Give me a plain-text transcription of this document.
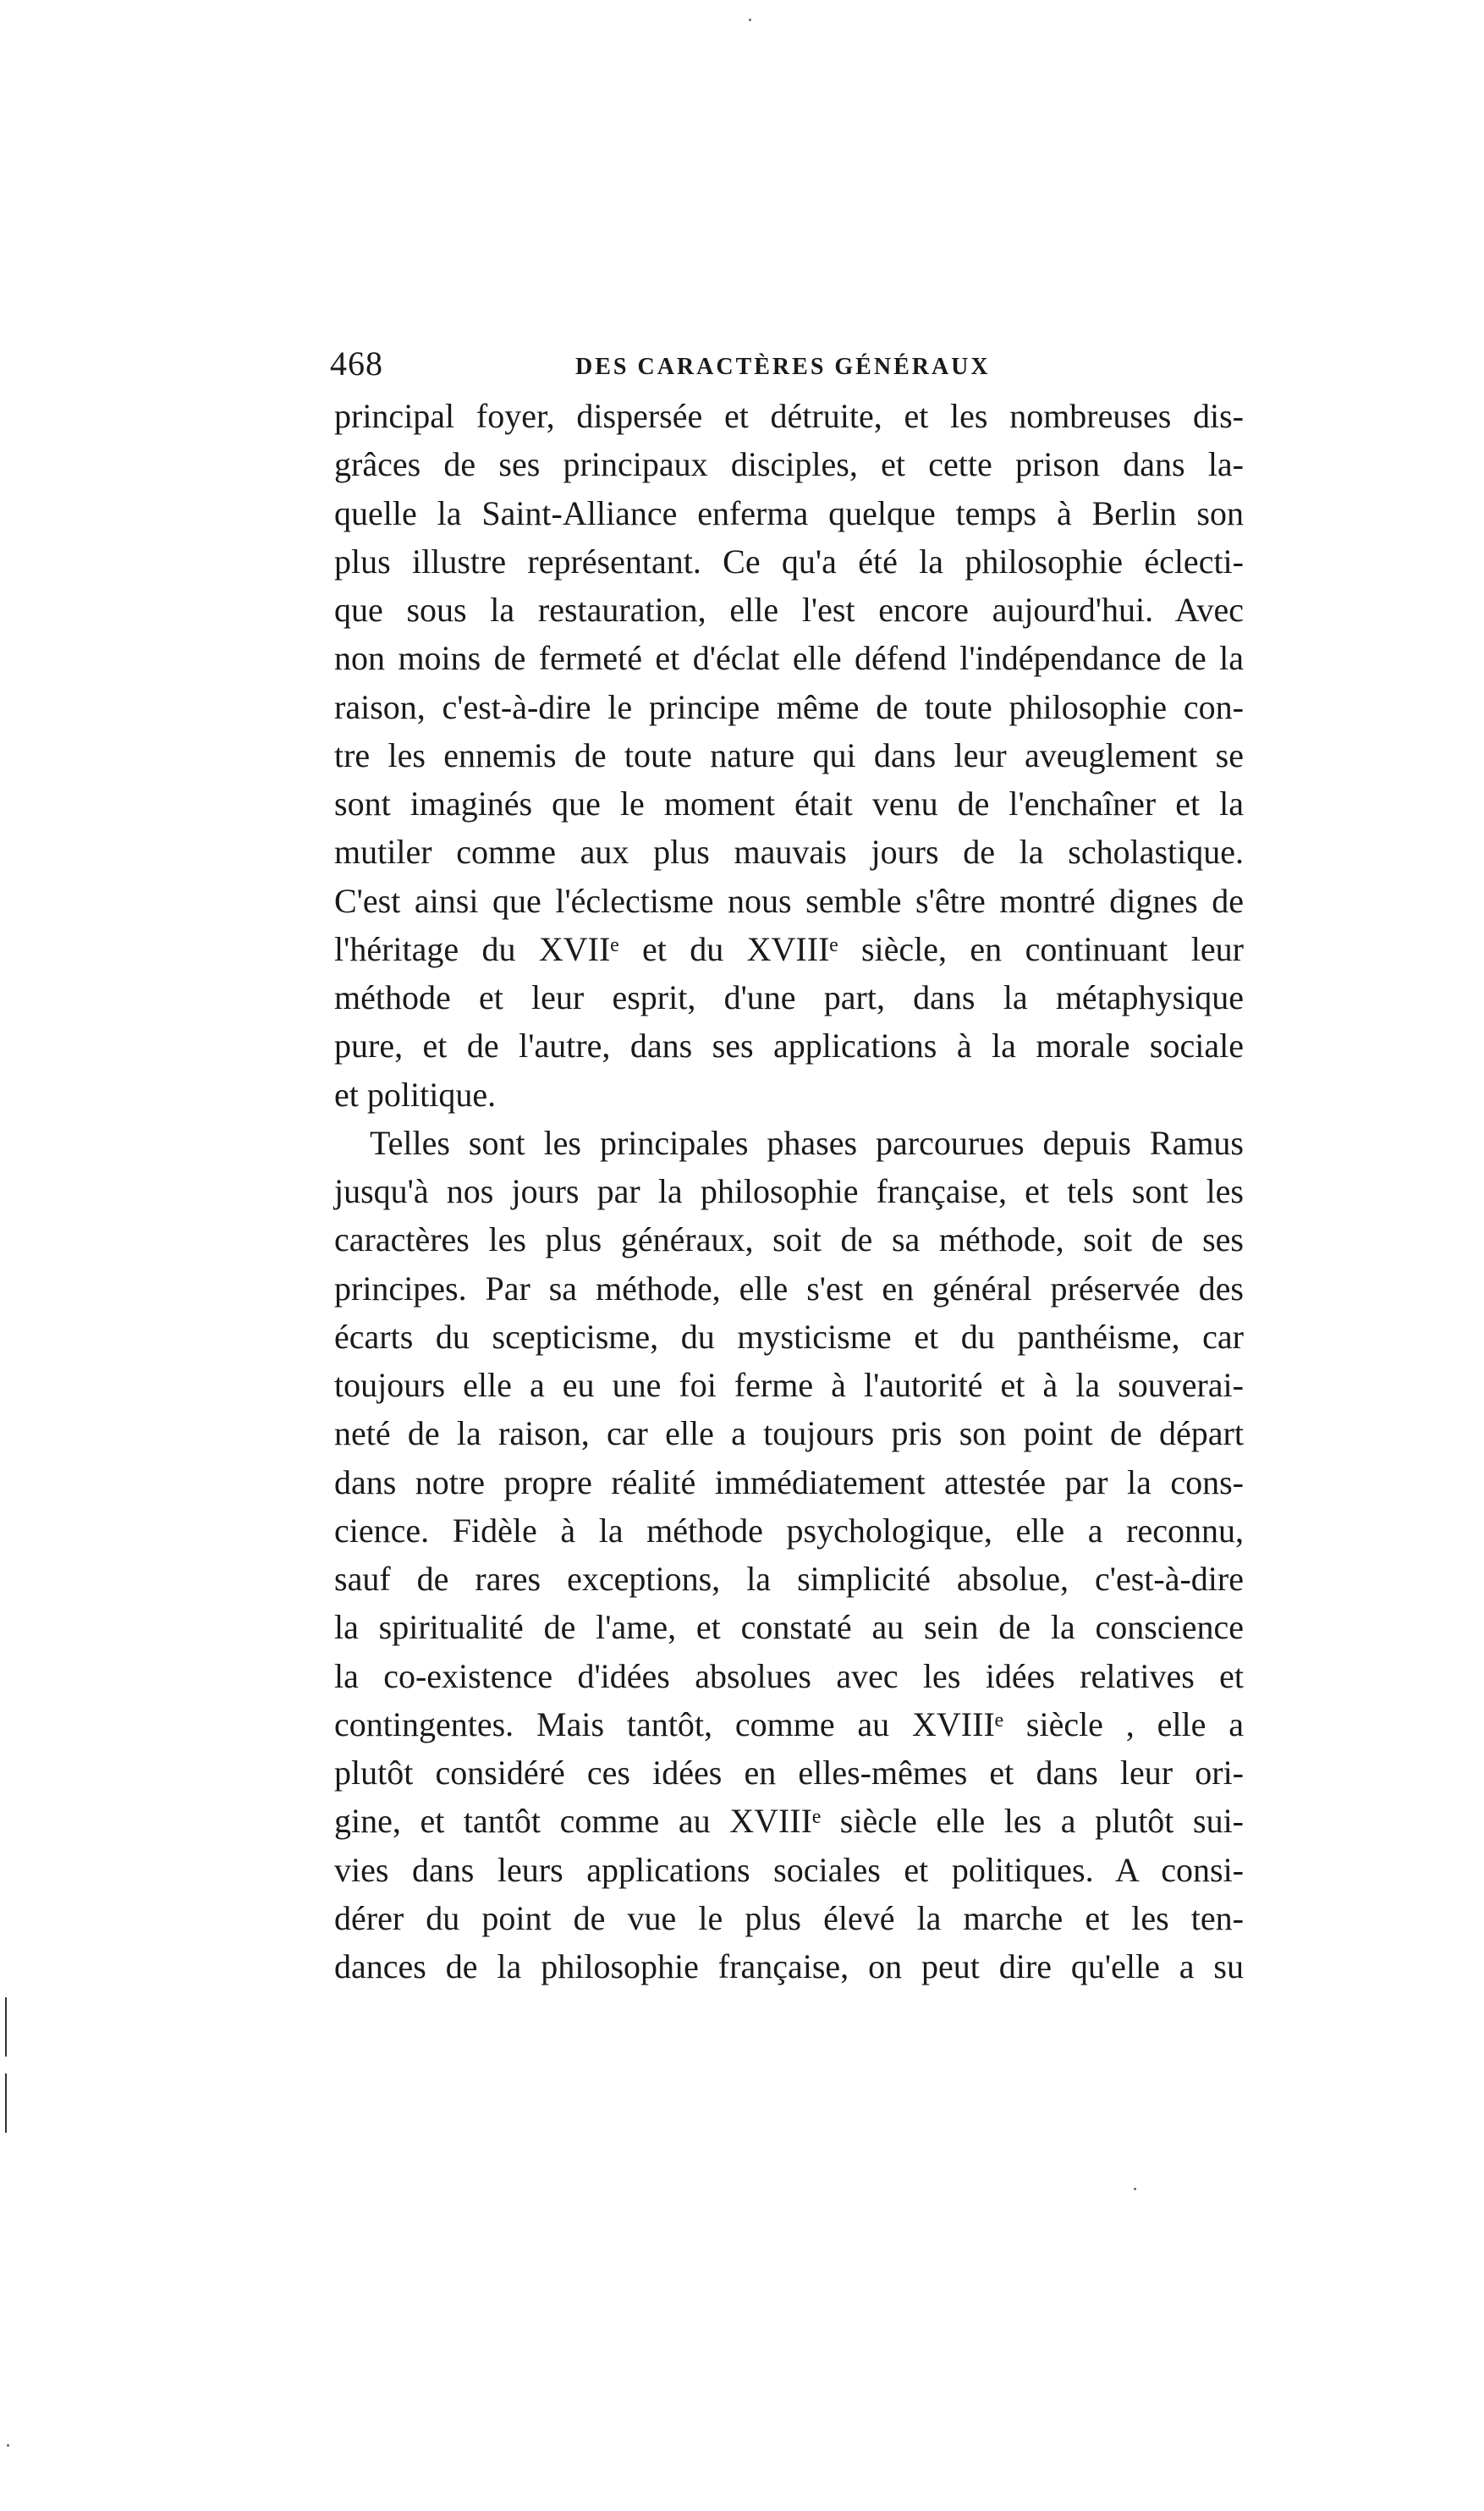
468	DES CARACTÈRES GÉNÉRAUX
principal foyer, dispersée et détruite, et les nombreuses dis-
grâces de ses principaux disciples, et cette prison dans la-
quelle la Saint-Alliance enferma quelque temps à Berlin son
plus illustre représentant. Ce qu'a été la philosophie éclecti-
que sous la restauration, elle l'est encore aujourd'hui. Avec
non moins de fermeté et d'éclat elle défend l'indépendance de la
raison, c'est-à-dire le principe même de toute philosophie con-
tre les ennemis de toute nature qui dans leur aveuglement se
sont imaginés que le moment était venu de l'enchaîner et la
mutiler comme aux plus mauvais jours de la scholastique.
C'est ainsi que l'éclectisme nous semble s'être montré dignes de
l'héritage du XVIIᵉ et du XVIIIᵉ siècle, en continuant leur
méthode et leur esprit, d'une part, dans la métaphysique
pure, et de l'autre, dans ses applications à la morale sociale
et politique.
Telles sont les principales phases parcourues depuis Ramus
jusqu'à nos jours par la philosophie française, et tels sont les
caractères les plus généraux, soit de sa méthode, soit de ses
principes. Par sa méthode, elle s'est en général préservée des
écarts du scepticisme, du mysticisme et du panthéisme, car
toujours elle a eu une foi ferme à l'autorité et à la souverai-
neté de la raison, car elle a toujours pris son point de départ
dans notre propre réalité immédiatement attestée par la cons-
cience. Fidèle à la méthode psychologique, elle a reconnu,
sauf de rares exceptions, la simplicité absolue, c'est-à-dire
la spiritualité de l'ame, et constaté au sein de la conscience
la co-existence d'idées absolues avec les idées relatives et
contingentes. Mais tantôt, comme au XVIIIᵉ siècle , elle a
plutôt considéré ces idées en elles-mêmes et dans leur ori-
gine, et tantôt comme au XVIIIᵉ siècle elle les a plutôt sui-
vies dans leurs applications sociales et politiques. A consi-
dérer du point de vue le plus élevé la marche et les ten-
dances de la philosophie française, on peut dire qu'elle a su
